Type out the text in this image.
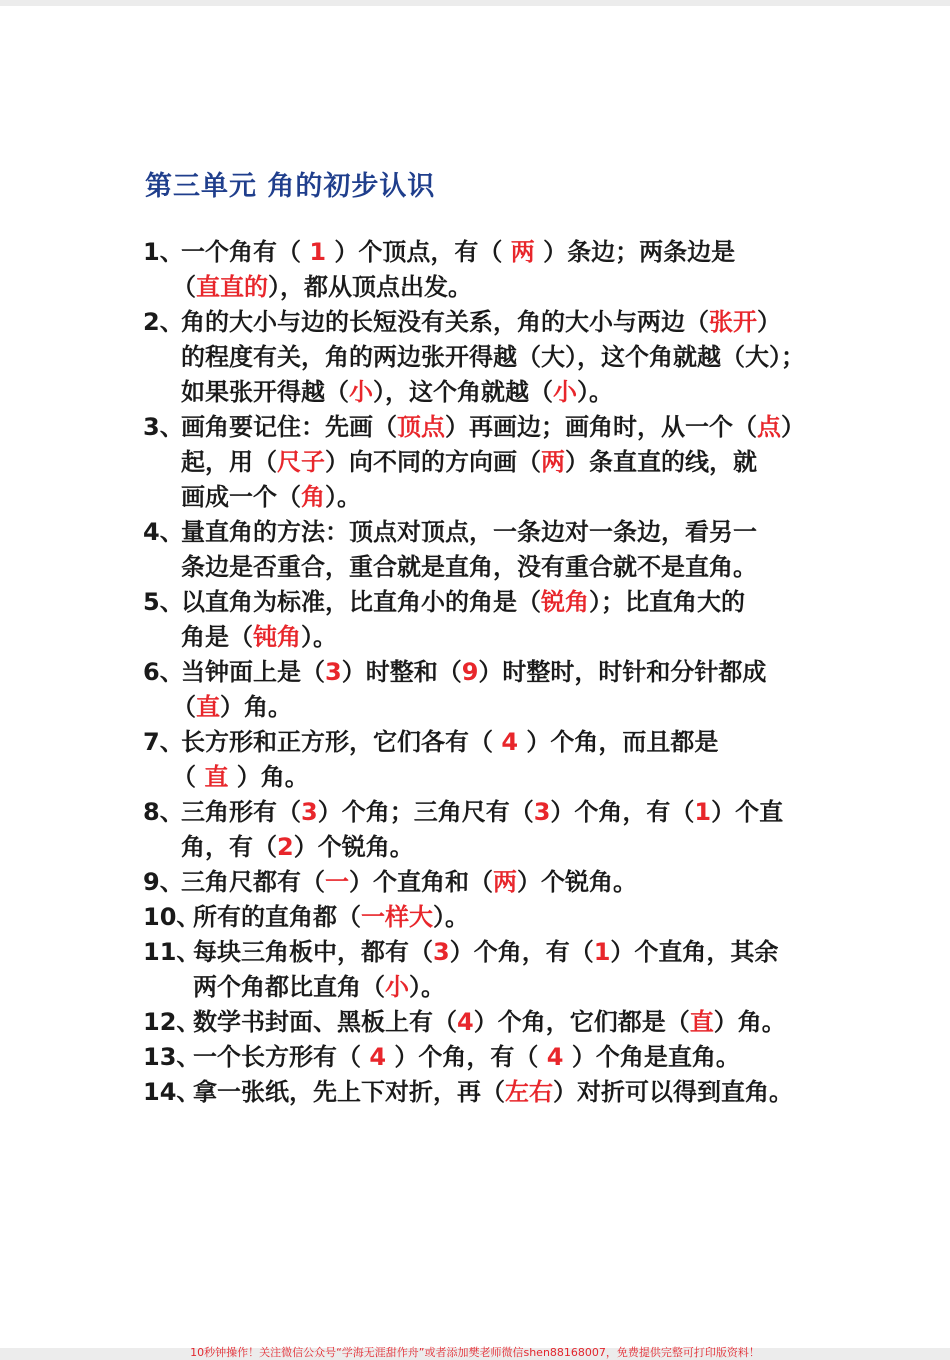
第三单元 角的初步认识
1、
一个角有（ 1 ）个顶点，有（ 两 ）条边；两条边是
（直直的），都从顶点出发。
2、
角的大小与边的长短没有关系，角的大小与两边（张开）
的程度有关，角的两边张开得越（大），这个角就越（大）；
如果张开得越（小），这个角就越（小）。
3、
画角要记住：先画（顶点）再画边；画角时，从一个（点）
起，用（尺子）向不同的方向画（两）条直直的线，就
画成一个（角）。
4、
量直角的方法：顶点对顶点，一条边对一条边，看另一
条边是否重合，重合就是直角，没有重合就不是直角。
5、
以直角为标准，比直角小的角是（锐角）；比直角大的
角是（钝角）。
6、
当钟面上是（3）时整和（9）时整时，时针和分针都成
（直）角。
7、
长方形和正方形，它们各有（ 4 ）个角，而且都是
（ 直 ）角。
8、
三角形有（3）个角；三角尺有（3）个角，有（1）个直
角，有（2）个锐角。
9、
三角尺都有（一）个直角和（两）个锐角。
10、
所有的直角都（一样大）。
11、
每块三角板中，都有（3）个角，有（1）个直角，其余
两个角都比直角（小）。
12、
数学书封面、黑板上有（4）个角，它们都是（直）角。
13、
一个长方形有（ 4 ）个角，有（ 4 ）个角是直角。
14、
拿一张纸，先上下对折，再（左右）对折可以得到直角。
10秒钟操作！关注微信公众号“学海无涯甜作舟”或者添加樊老师微信shen88168007，免费提供完整可打印版资料！
